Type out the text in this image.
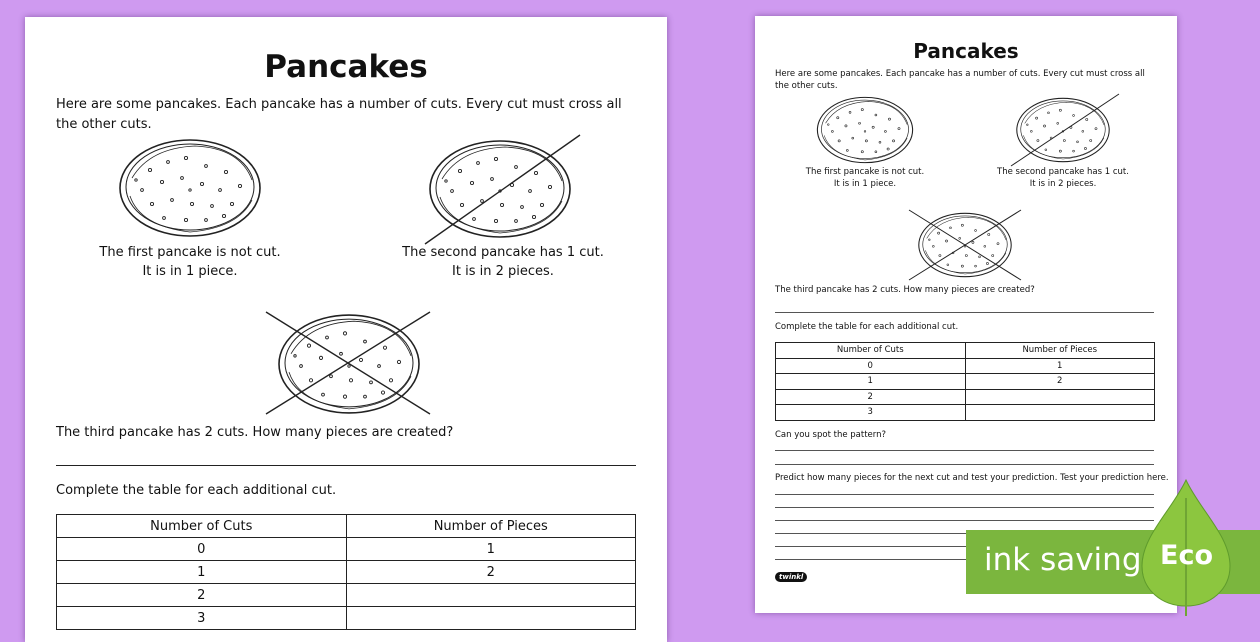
Pancakes
Here are some pancakes. Each pancake has a number of cuts. Every cut must cross all the other cuts.
The first pancake is not cut.
It is in 1 piece.
The second pancake has 1 cut.
It is in 2 pieces.
The third pancake has 2 cuts. How many pieces are created?
Complete the table for each additional cut.
Number of Cuts	Number of Pieces
0	1
1	2
2	
3	
Pancakes
Here are some pancakes. Each pancake has a number of cuts. Every cut must cross all the other cuts.
The first pancake is not cut.
It is in 1 piece.
The second pancake has 1 cut.
It is in 2 pieces.
The third pancake has 2 cuts. How many pieces are created?
Complete the table for each additional cut.
Number of Cuts	Number of Pieces
0	1
1	2
2	
3	
Can you spot the pattern?
Predict how many pieces for the next cut and test your prediction. Test your prediction here.
twinkl	ink saving Eco
